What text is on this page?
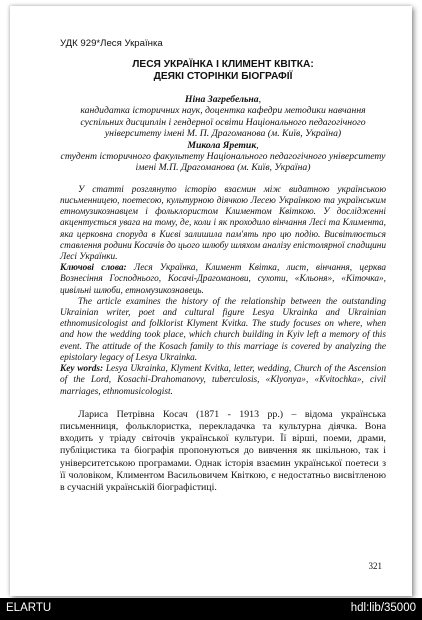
УДК 929*Леся Українка
ЛЕСЯ УКРАЇНКА І КЛИМЕНТ КВІТКА:
ДЕЯКІ СТОРІНКИ БІОГРАФІЇ
Ніна Загребельна,
кандидатка історичних наук, доцентка кафедри методики навчання суспільних дисциплін і гендерної освіти Національного педагогічного університету імені М. П. Драгоманова (м. Київ, Україна)
Микола Яретик,
студент історичного факультету Національного педагогічного університету імені М.П. Драгоманова (м. Київ, Україна)

У статті розглянуто історію взаємин між видатною українською письменницею, поетесою, культурною діячкою Лесею Українкою та українським етномузикознавцем і фольклористом Климентом Квіткою. У дослідженні акцентується увага на тому, де, коли і як проходило вінчання Лесі та Климента, яка церковна споруда в Києві залишила пам'ять про цю подію. Висвітлюється ставлення родини Косачів до цього шлюбу шляхом аналізу епістолярної спадщини Лесі Українки.

Ключові слова: Леся Українка, Климент Квітка, лист, вінчання, церква Вознесіння Господнього, Косачі-Драгоманови, сухоти, «Кльоня», «Кіточка», цивільні шлюби, етномузикознавець.

The article examines the history of the relationship between the outstanding Ukrainian writer, poet and cultural figure Lesya Ukrainka and Ukrainian ethnomusicologist and folklorist Klyment Kvitka. The study focuses on where, when and how the wedding took place, which church building in Kyiv left a memory of this event. The attitude of the Kosach family to this marriage is covered by analyzing the epistolary legacy of Lesya Ukrainka.

Key words: Lesya Ukrainka, Klyment Kvitka, letter, wedding, Church of the Ascension of the Lord, Kosachi-Drahomanovy, tuberculosis, «Klyonya», «Kvitochka», civil marriages, ethnomusicologist.

Лариса Петрівна Косач (1871 - 1913 рр.) – відома українська письменниця, фольклористка, перекладачка та культурна діячка. Вона входить у тріаду світочів української культури. Її вірші, поеми, драми, публіцистика та біографія пропонуються до вивчення як шкільною, так і університетською програмами. Однак історія взаємин української поетеси з її чоловіком, Климентом Васильовичем Квіткою, є недостатньо висвітленою в сучасній українській біографістиці.

321
ELARTU	hdl:lib/35000
